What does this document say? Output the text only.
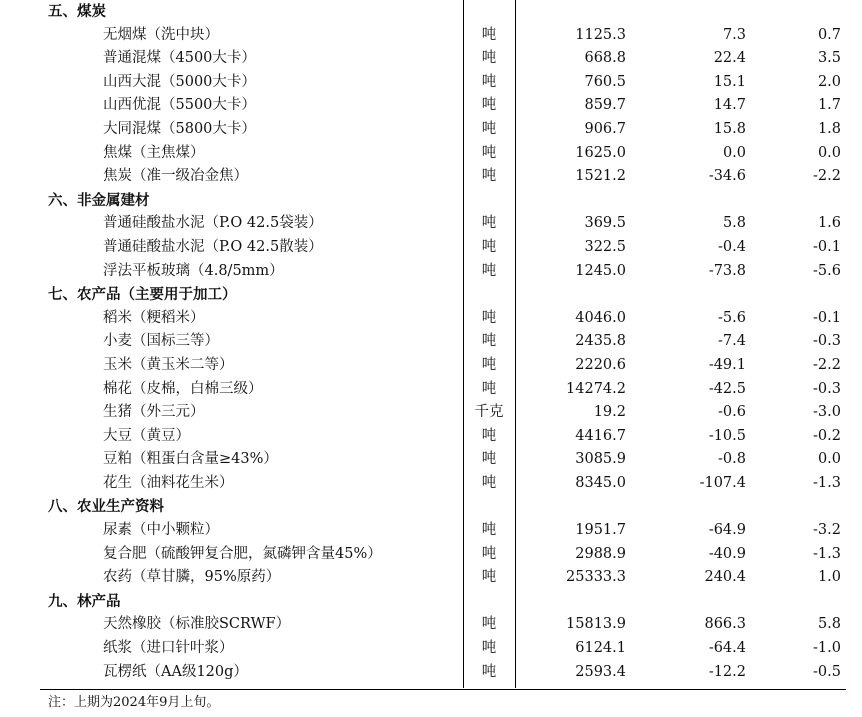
五、煤炭
无烟煤（洗中块）	吨	1125.3	7.3	0.7
普通混煤（4500大卡）	吨	668.8	22.4	3.5
山西大混（5000大卡）	吨	760.5	15.1	2.0
山西优混（5500大卡）	吨	859.7	14.7	1.7
大同混煤（5800大卡）	吨	906.7	15.8	1.8
焦煤（主焦煤）	吨	1625.0	0.0	0.0
焦炭（准一级冶金焦）	吨	1521.2	-34.6	-2.2
六、非金属建材
普通硅酸盐水泥（P.O 42.5袋装）	吨	369.5	5.8	1.6
普通硅酸盐水泥（P.O 42.5散装）	吨	322.5	-0.4	-0.1
浮法平板玻璃（4.8/5mm）	吨	1245.0	-73.8	-5.6
七、农产品（主要用于加工）
稻米（粳稻米）	吨	4046.0	-5.6	-0.1
小麦（国标三等）	吨	2435.8	-7.4	-0.3
玉米（黄玉米二等）	吨	2220.6	-49.1	-2.2
棉花（皮棉，白棉三级）	吨	14274.2	-42.5	-0.3
生猪（外三元）	千克	19.2	-0.6	-3.0
大豆（黄豆）	吨	4416.7	-10.5	-0.2
豆粕（粗蛋白含量≥43%）	吨	3085.9	-0.8	0.0
花生（油料花生米）	吨	8345.0	-107.4	-1.3
八、农业生产资料
尿素（中小颗粒）	吨	1951.7	-64.9	-3.2
复合肥（硫酸钾复合肥，氮磷钾含量45%）	吨	2988.9	-40.9	-1.3
农药（草甘膦，95%原药）	吨	25333.3	240.4	1.0
九、林产品
天然橡胶（标准胶SCRWF）	吨	15813.9	866.3	5.8
纸浆（进口针叶浆）	吨	6124.1	-64.4	-1.0
瓦楞纸（AA级120g）	吨	2593.4	-12.2	-0.5
注：上期为2024年9月上旬。
